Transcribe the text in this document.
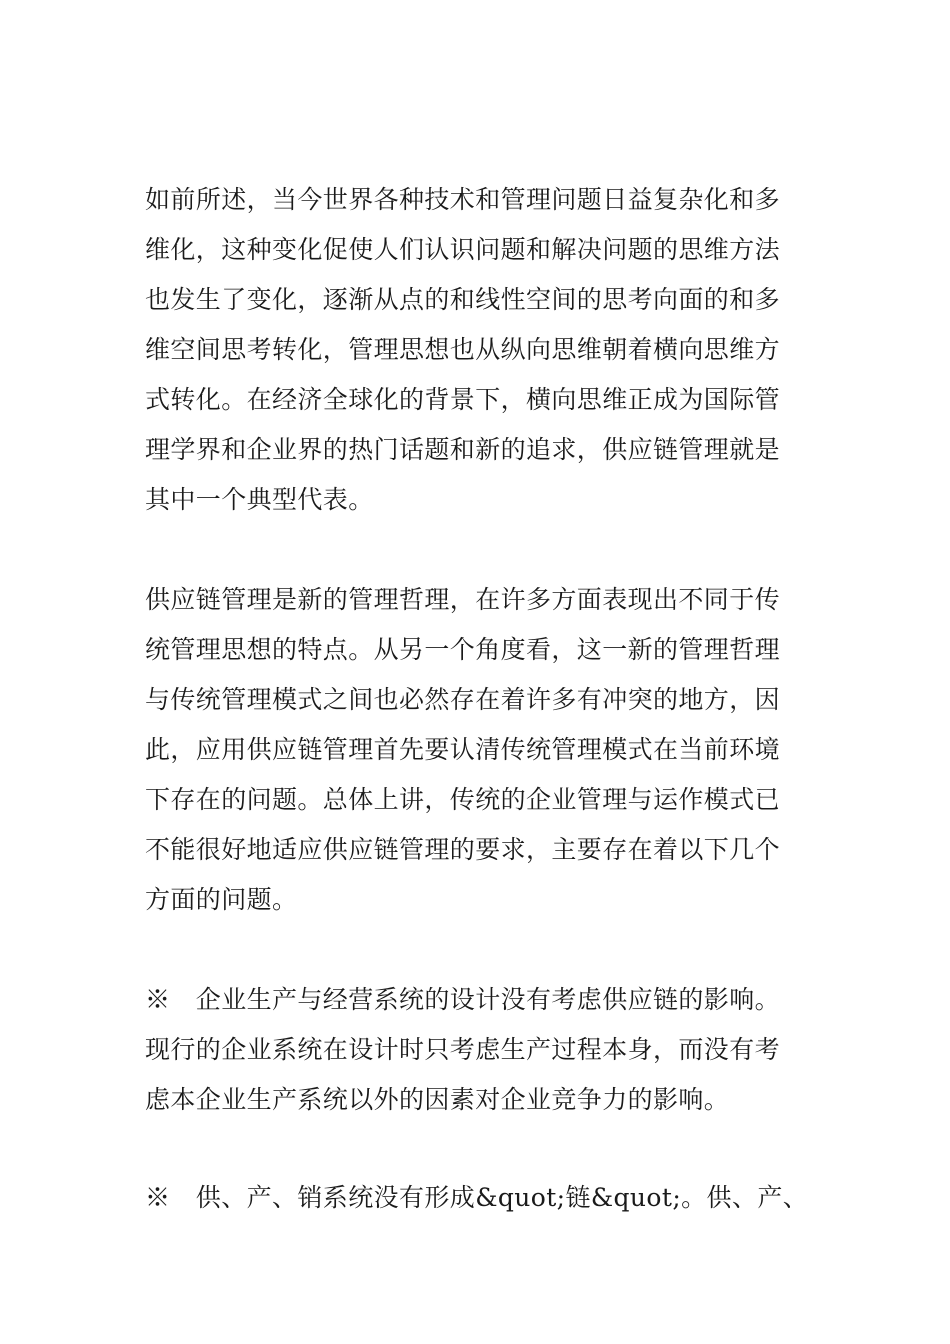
如前所述，当今世界各种技术和管理问题日益复杂化和多
维化，这种变化促使人们认识问题和解决问题的思维方法
也发生了变化，逐渐从点的和线性空间的思考向面的和多
维空间思考转化，管理思想也从纵向思维朝着横向思维方
式转化。在经济全球化的背景下，横向思维正成为国际管
理学界和企业界的热门话题和新的追求，供应链管理就是
其中一个典型代表。
供应链管理是新的管理哲理，在许多方面表现出不同于传
统管理思想的特点。从另一个角度看，这一新的管理哲理
与传统管理模式之间也必然存在着许多有冲突的地方，因
此，应用供应链管理首先要认清传统管理模式在当前环境
下存在的问题。总体上讲，传统的企业管理与运作模式已
不能很好地适应供应链管理的要求，主要存在着以下几个
方面的问题。
※　企业生产与经营系统的设计没有考虑供应链的影响。
现行的企业系统在设计时只考虑生产过程本身，而没有考
虑本企业生产系统以外的因素对企业竞争力的影响。
※　供、产、销系统没有形成&quot;链&quot;。供、产、
